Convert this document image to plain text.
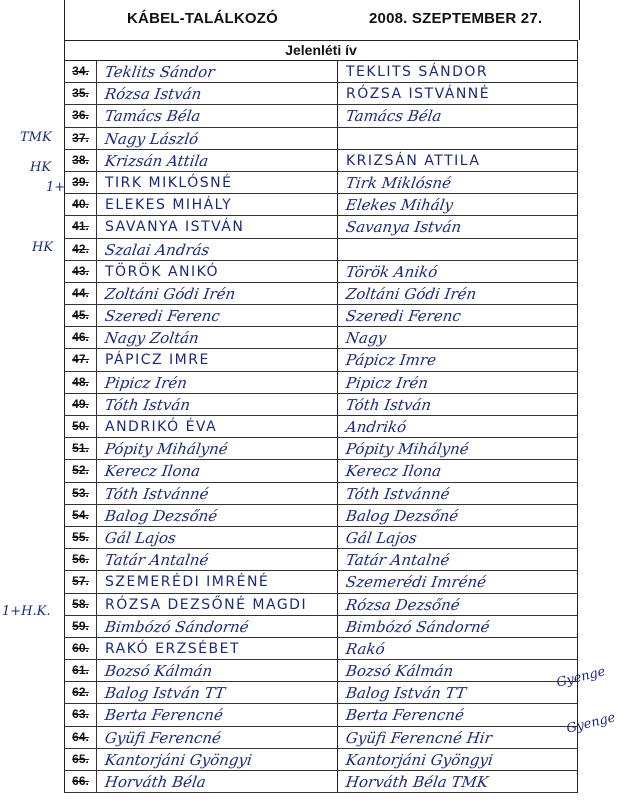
TMK
HK
1+
HK
1+H.K.
Gyenge
Gyenge
KÁBEL-TALÁLKOZÓ	2008. SZEPTEMBER 27.
Jelenléti ív
34. Teklits Sándor	TEKLITS SÁNDOR
35. Rózsa István	RÓZSA ISTVÁNNÉ
36. Tamács Béla	Tamács Béla
37. Nagy László
38. Krizsán Attila	KRIZSÁN ATTILA
39.	TIRK MIKLÓSNÉ	Tirk Miklósné
40.	ELEKES MIHÁLY	Elekes Mihály
41.	SAVANYA ISTVÁN	Savanya István
42. Szalai András
43.	TÖRÖK ANIKÓ	Török Anikó
44. Zoltáni Gódi Irén	Zoltáni Gódi Irén
45. Szeredi Ferenc	Szeredi Ferenc
46. Nagy Zoltán	Nagy
47.	PÁPICZ IMRE	Pápicz Imre
48. Pipicz Irén	Pipicz Irén
49. Tóth István	Tóth István
50.	ANDRIKÓ ÉVA	Andrikó
51. Pópity Mihályné	Pópity Mihályné
52. Kerecz Ilona	Kerecz Ilona
53. Tóth Istvánné	Tóth Istvánné
54. Balog Dezsőné	Balog Dezsőné
55. Gál Lajos	Gál Lajos
56. Tatár Antalné	Tatár Antalné
57.	SZEMERÉDI IMRÉNÉ	Szemerédi Imréné
58.	RÓZSA DEZSŐNÉ MAGDI	Rózsa Dezsőné
59. Bimbózó Sándorné	Bimbózó Sándorné
60.	RAKÓ ERZSÉBET	Rakó
61. Bozsó Kálmán	Bozsó Kálmán
62. Balog István TT	Balog István TT
63. Berta Ferencné	Berta Ferencné
64. Gyüfi Ferencné	Gyüfi Ferencné Hir
65. Kantorjáni Gyöngyi	Kantorjáni Gyöngyi
66. Horváth Béla	Horváth Béla TMK
